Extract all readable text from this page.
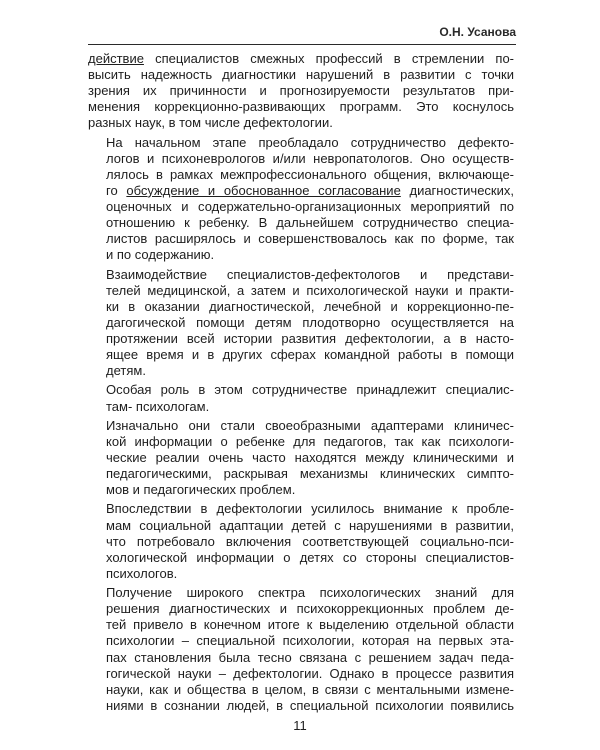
О.Н. Усанова

действие специалистов смежных профессий в стремлении по-
высить надежность диагностики нарушений в развитии с точки
зрения их причинности и прогнозируемости результатов при-
менения коррекционно-развивающих программ. Это коснулось
разных наук, в том числе дефектологии.

На начальном этапе преобладало сотрудничество дефекто-
логов и психоневрологов и/или невропатологов. Оно осуществ-
лялось в рамках межпрофессионального общения, включающе-
го обсуждение и обоснованное согласование диагностических,
оценочных и содержательно-организационных мероприятий по
отношению к ребенку. В дальнейшем сотрудничество специа-
листов расширялось и совершенствовалось как по форме, так
и по содержанию.

Взаимодействие специалистов-дефектологов и представи-
телей медицинской, а затем и психологической науки и практи-
ки в оказании диагностической, лечебной и коррекционно-пе-
дагогической помощи детям плодотворно осуществляется на
протяжении всей истории развития дефектологии, а в насто-
ящее время и в других сферах командной работы в помощи
детям.

Особая роль в этом сотрудничестве принадлежит специалис-
там- психологам.

Изначально они стали своеобразными адаптерами клиничес-
кой информации о ребенке для педагогов, так как психологи-
ческие реалии очень часто находятся между клиническими и
педагогическими, раскрывая механизмы клинических симпто-
мов и педагогических проблем.

Впоследствии в дефектологии усилилось внимание к пробле-
мам социальной адаптации детей с нарушениями в развитии,
что потребовало включения соответствующей социально-пси-
хологической информации о детях со стороны специалистов-
психологов.

Получение широкого спектра психологических знаний для
решения диагностических и психокоррекционных проблем де-
тей привело в конечном итоге к выделению отдельной области
психологии – специальной психологии, которая на первых эта-
пах становления была тесно связана с решением задач педа-
гогической науки – дефектологии. Однако в процессе развития
науки, как и общества в целом, в связи с ментальными измене-
ниями в сознании людей, в специальной психологии появились

11
